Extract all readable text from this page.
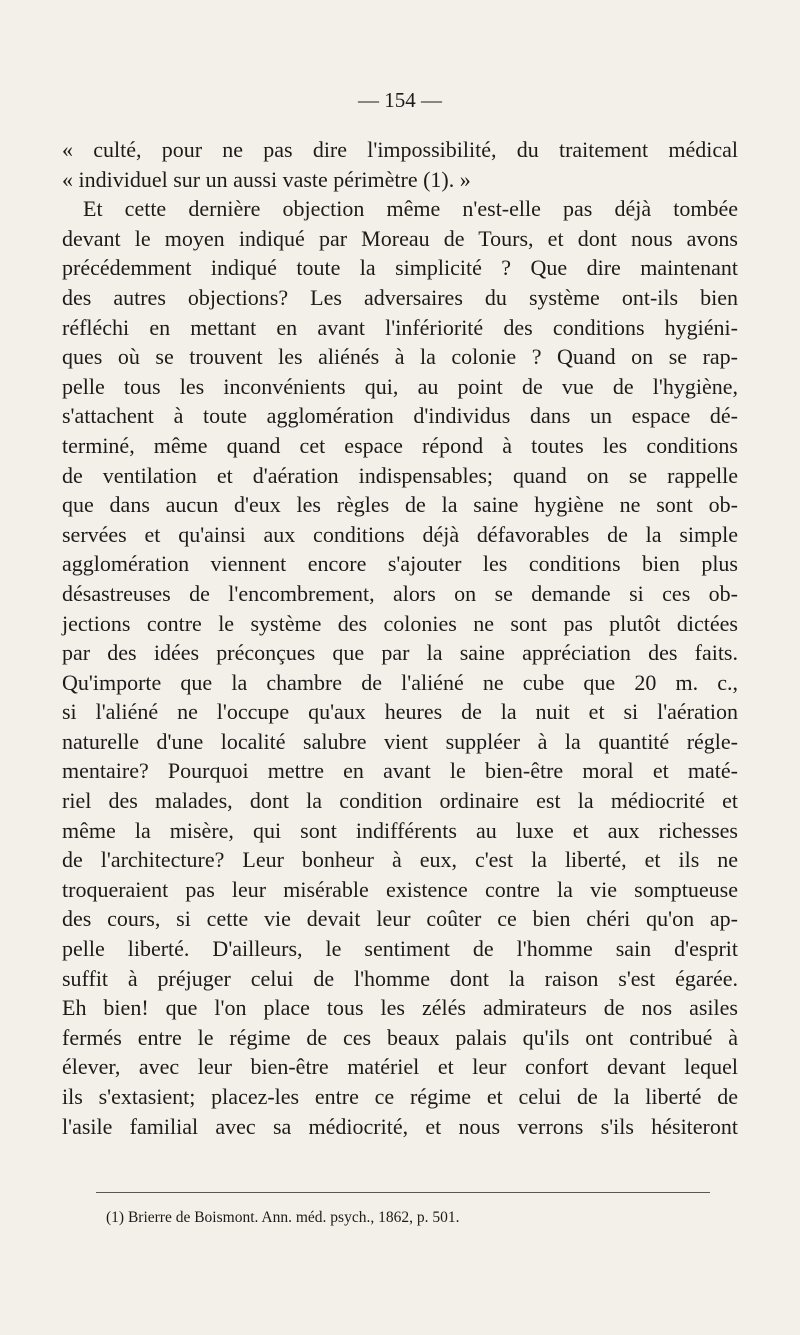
— 154 —
« culté, pour ne pas dire l'impossibilité, du traitement médical
« individuel sur un aussi vaste périmètre (1). »
Et cette dernière objection même n'est-elle pas déjà tombée
devant le moyen indiqué par Moreau de Tours, et dont nous avons
précédemment indiqué toute la simplicité ? Que dire maintenant
des autres objections? Les adversaires du système ont-ils bien
réfléchi en mettant en avant l'infériorité des conditions hygiéni-
ques où se trouvent les aliénés à la colonie ? Quand on se rap-
pelle tous les inconvénients qui, au point de vue de l'hygiène,
s'attachent à toute agglomération d'individus dans un espace dé-
terminé, même quand cet espace répond à toutes les conditions
de ventilation et d'aération indispensables; quand on se rappelle
que dans aucun d'eux les règles de la saine hygiène ne sont ob-
servées et qu'ainsi aux conditions déjà défavorables de la simple
agglomération viennent encore s'ajouter les conditions bien plus
désastreuses de l'encombrement, alors on se demande si ces ob-
jections contre le système des colonies ne sont pas plutôt dictées
par des idées préconçues que par la saine appréciation des faits.
Qu'importe que la chambre de l'aliéné ne cube que 20 m. c.,
si l'aliéné ne l'occupe qu'aux heures de la nuit et si l'aération
naturelle d'une localité salubre vient suppléer à la quantité régle-
mentaire? Pourquoi mettre en avant le bien-être moral et maté-
riel des malades, dont la condition ordinaire est la médiocrité et
même la misère, qui sont indifférents au luxe et aux richesses
de l'architecture? Leur bonheur à eux, c'est la liberté, et ils ne
troqueraient pas leur misérable existence contre la vie somptueuse
des cours, si cette vie devait leur coûter ce bien chéri qu'on ap-
pelle liberté. D'ailleurs, le sentiment de l'homme sain d'esprit
suffit à préjuger celui de l'homme dont la raison s'est égarée.
Eh bien! que l'on place tous les zélés admirateurs de nos asiles
fermés entre le régime de ces beaux palais qu'ils ont contribué à
élever, avec leur bien-être matériel et leur confort devant lequel
ils s'extasient; placez-les entre ce régime et celui de la liberté de
l'asile familial avec sa médiocrité, et nous verrons s'ils hésiteront
(1) Brierre de Boismont. Ann. méd. psych., 1862, p. 501.
